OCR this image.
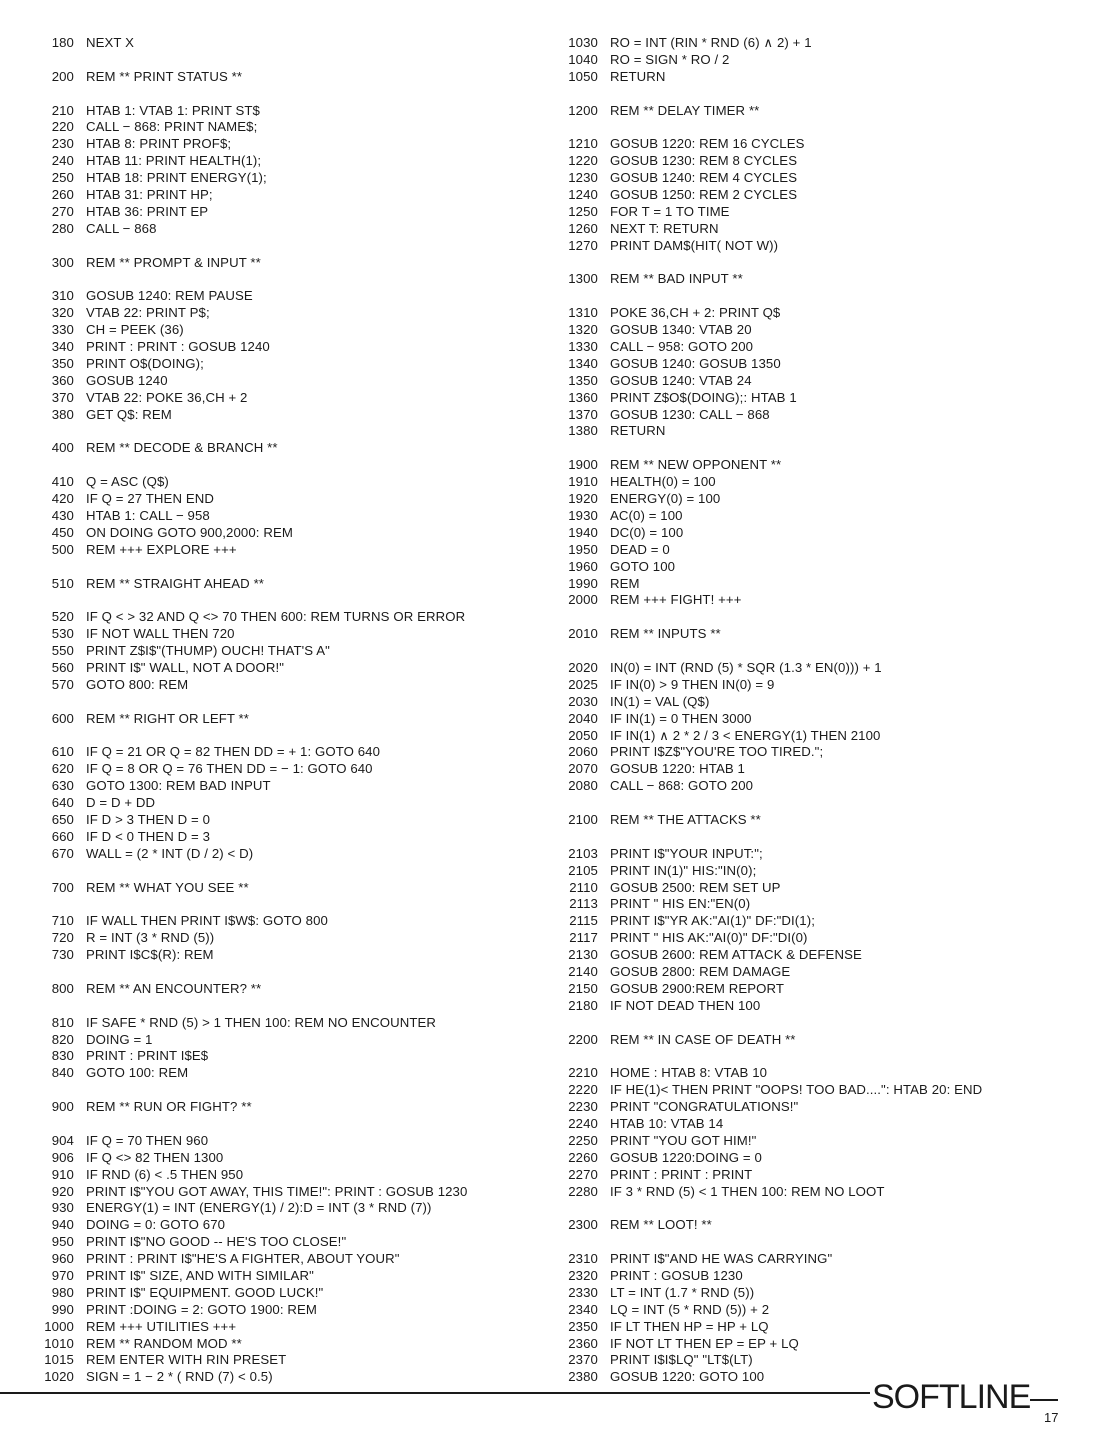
180 NEXT X
200 REM ** PRINT STATUS **
210 HTAB 1: VTAB 1: PRINT ST$
220 CALL − 868: PRINT NAME$;
230 HTAB 8: PRINT PROF$;
240 HTAB 11: PRINT HEALTH(1);
250 HTAB 18: PRINT ENERGY(1);
260 HTAB 31: PRINT HP;
270 HTAB 36: PRINT EP
280 CALL − 868
300 REM ** PROMPT & INPUT **
310 GOSUB 1240: REM PAUSE
320 VTAB 22: PRINT P$;
330 CH = PEEK (36)
340 PRINT : PRINT : GOSUB 1240
350 PRINT O$(DOING);
360 GOSUB 1240
370 VTAB 22: POKE 36,CH + 2
380 GET Q$: REM
400 REM ** DECODE & BRANCH **
410 Q = ASC (Q$)
420 IF Q = 27 THEN END
430 HTAB 1: CALL − 958
450 ON DOING GOTO 900,2000: REM
500 REM +++ EXPLORE +++
510 REM ** STRAIGHT AHEAD **
520 IF Q < > 32 AND Q <> 70 THEN 600: REM TURNS OR ERROR
530 IF NOT WALL THEN 720
550 PRINT Z$I$"(THUMP) OUCH! THAT'S A"
560 PRINT I$" WALL, NOT A DOOR!"
570 GOTO 800: REM
600 REM ** RIGHT OR LEFT **
610 IF Q = 21 OR Q = 82 THEN DD = + 1: GOTO 640
620 IF Q = 8 OR Q = 76 THEN DD = − 1: GOTO 640
630 GOTO 1300: REM BAD INPUT
640 D = D + DD
650 IF D > 3 THEN D = 0
660 IF D < 0 THEN D = 3
670 WALL = (2 * INT (D / 2) < D)
700 REM ** WHAT YOU SEE **
710 IF WALL THEN PRINT I$W$: GOTO 800
720 R = INT (3 * RND (5))
730 PRINT I$C$(R): REM
800 REM ** AN ENCOUNTER? **
810 IF SAFE * RND (5) > 1 THEN 100: REM NO ENCOUNTER
820 DOING = 1
830 PRINT : PRINT I$E$
840 GOTO 100: REM
900 REM ** RUN OR FIGHT? **
904 IF Q = 70 THEN 960
906 IF Q <> 82 THEN 1300
910 IF RND (6) < .5 THEN 950
920 PRINT I$"YOU GOT AWAY, THIS TIME!": PRINT : GOSUB 1230
930 ENERGY(1) = INT (ENERGY(1) / 2):D = INT (3 * RND (7))
940 DOING = 0: GOTO 670
950 PRINT I$"NO GOOD -- HE'S TOO CLOSE!"
960 PRINT : PRINT I$"HE'S A FIGHTER, ABOUT YOUR"
970 PRINT I$" SIZE, AND WITH SIMILAR"
980 PRINT I$" EQUIPMENT. GOOD LUCK!"
990 PRINT :DOING = 2: GOTO 1900: REM
1000 REM +++ UTILITIES +++
1010 REM ** RANDOM MOD **
1015 REM ENTER WITH RIN PRESET
1020 SIGN = 1 − 2 * ( RND (7) < 0.5)
1030 RO = INT (RIN * RND (6) ∧ 2) + 1
1040 RO = SIGN * RO / 2
1050 RETURN
1200 REM ** DELAY TIMER **
1210 GOSUB 1220: REM 16 CYCLES
1220 GOSUB 1230: REM 8 CYCLES
1230 GOSUB 1240: REM 4 CYCLES
1240 GOSUB 1250: REM 2 CYCLES
1250 FOR T = 1 TO TIME
1260 NEXT T: RETURN
1270 PRINT DAM$(HIT( NOT W))
1300 REM ** BAD INPUT **
1310 POKE 36,CH + 2: PRINT Q$
1320 GOSUB 1340: VTAB 20
1330 CALL − 958: GOTO 200
1340 GOSUB 1240: GOSUB 1350
1350 GOSUB 1240: VTAB 24
1360 PRINT Z$O$(DOING);: HTAB 1
1370 GOSUB 1230: CALL − 868
1380 RETURN
1900 REM ** NEW OPPONENT **
1910 HEALTH(0) = 100
1920 ENERGY(0) = 100
1930 AC(0) = 100
1940 DC(0) = 100
1950 DEAD = 0
1960 GOTO 100
1990 REM
2000 REM +++ FIGHT! +++
2010 REM ** INPUTS **
2020 IN(0) = INT (RND (5) * SQR (1.3 * EN(0))) + 1
2025 IF IN(0) > 9 THEN IN(0) = 9
2030 IN(1) = VAL (Q$)
2040 IF IN(1) = 0 THEN 3000
2050 IF IN(1) ∧ 2 * 2 / 3 < ENERGY(1) THEN 2100
2060 PRINT I$Z$"YOU'RE TOO TIRED.";
2070 GOSUB 1220: HTAB 1
2080 CALL − 868: GOTO 200
2100 REM ** THE ATTACKS **
2103 PRINT I$"YOUR INPUT:";
2105 PRINT IN(1)" HIS:"IN(0);
2110 GOSUB 2500: REM SET UP
2113 PRINT " HIS EN:"EN(0)
2115 PRINT I$"YR AK:"AI(1)" DF:"DI(1);
2117 PRINT " HIS AK:"AI(0)" DF:"DI(0)
2130 GOSUB 2600: REM ATTACK & DEFENSE
2140 GOSUB 2800: REM DAMAGE
2150 GOSUB 2900:REM REPORT
2180 IF NOT DEAD THEN 100
2200 REM ** IN CASE OF DEATH **
2210 HOME : HTAB 8: VTAB 10
2220 IF HE(1)< THEN PRINT "OOPS! TOO BAD....": HTAB 20: END
2230 PRINT "CONGRATULATIONS!"
2240 HTAB 10: VTAB 14
2250 PRINT "YOU GOT HIM!"
2260 GOSUB 1220:DOING = 0
2270 PRINT : PRINT : PRINT
2280 IF 3 * RND (5) < 1 THEN 100: REM NO LOOT
2300 REM ** LOOT! **
2310 PRINT I$"AND HE WAS CARRYING"
2320 PRINT : GOSUB 1230
2330 LT = INT (1.7 * RND (5))
2340 LQ = INT (5 * RND (5)) + 2
2350 IF LT THEN HP = HP + LQ
2360 IF NOT LT THEN EP = EP + LQ
2370 PRINT I$I$LQ" "LT$(LT)
2380 GOSUB 1220: GOTO 100
SOFTLINE
17
